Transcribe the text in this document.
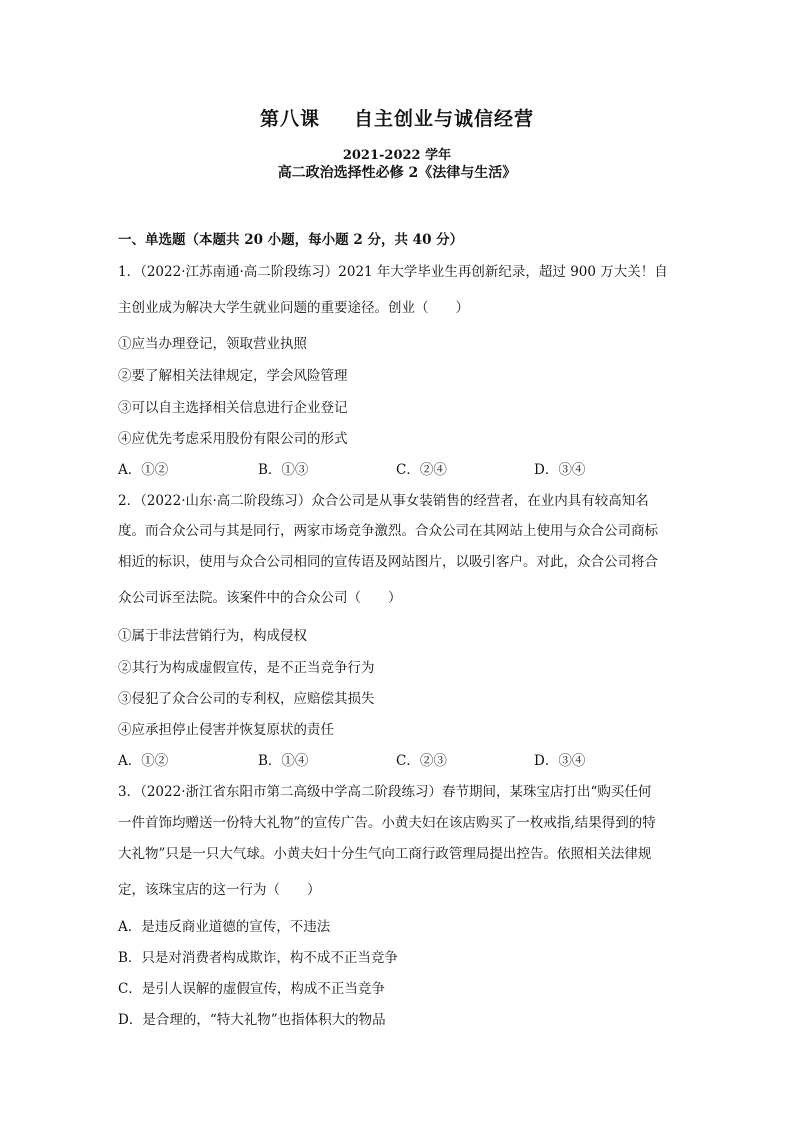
第八课 自主创业与诚信经营
2021-2022 学年
高二政治选择性必修 2《法律与生活》
一、单选题（本题共 20 小题，每小题 2 分，共 40 分）
1．（2022·江苏南通·高二阶段练习）2021 年大学毕业生再创新纪录，超过 900 万大关！自
主创业成为解决大学生就业问题的重要途径。创业（　　）
①应当办理登记，领取营业执照
②要了解相关法律规定，学会风险管理
③可以自主选择相关信息进行企业登记
④应优先考虑采用股份有限公司的形式
A．①②	B．①③	C．②④	D．③④
2．（2022·山东·高二阶段练习）众合公司是从事女装销售的经营者，在业内具有较高知名
度。而合众公司与其是同行，两家市场竞争激烈。合众公司在其网站上使用与众合公司商标
相近的标识，使用与众合公司相同的宣传语及网站图片，以吸引客户。对此，众合公司将合
众公司诉至法院。该案件中的合众公司（　　）
①属于非法营销行为，构成侵权
②其行为构成虚假宣传，是不正当竞争行为
③侵犯了众合公司的专利权，应赔偿其损失
④应承担停止侵害并恢复原状的责任
A．①②	B．①④	C．②③	D．③④
3．（2022·浙江省东阳市第二高级中学高二阶段练习）春节期间，某珠宝店打出“购买任何
一件首饰均赠送一份特大礼物”的宣传广告。小黄夫妇在该店购买了一枚戒指,结果得到的特
大礼物”只是一只大气球。小黄夫妇十分生气向工商行政管理局提出控告。依照相关法律规
定，该珠宝店的这一行为（　　）
A．是违反商业道德的宣传，不违法
B．只是对消费者构成欺诈，构不成不正当竞争
C．是引人误解的虚假宣传，构成不正当竞争
D．是合理的，“特大礼物”也指体积大的物品
